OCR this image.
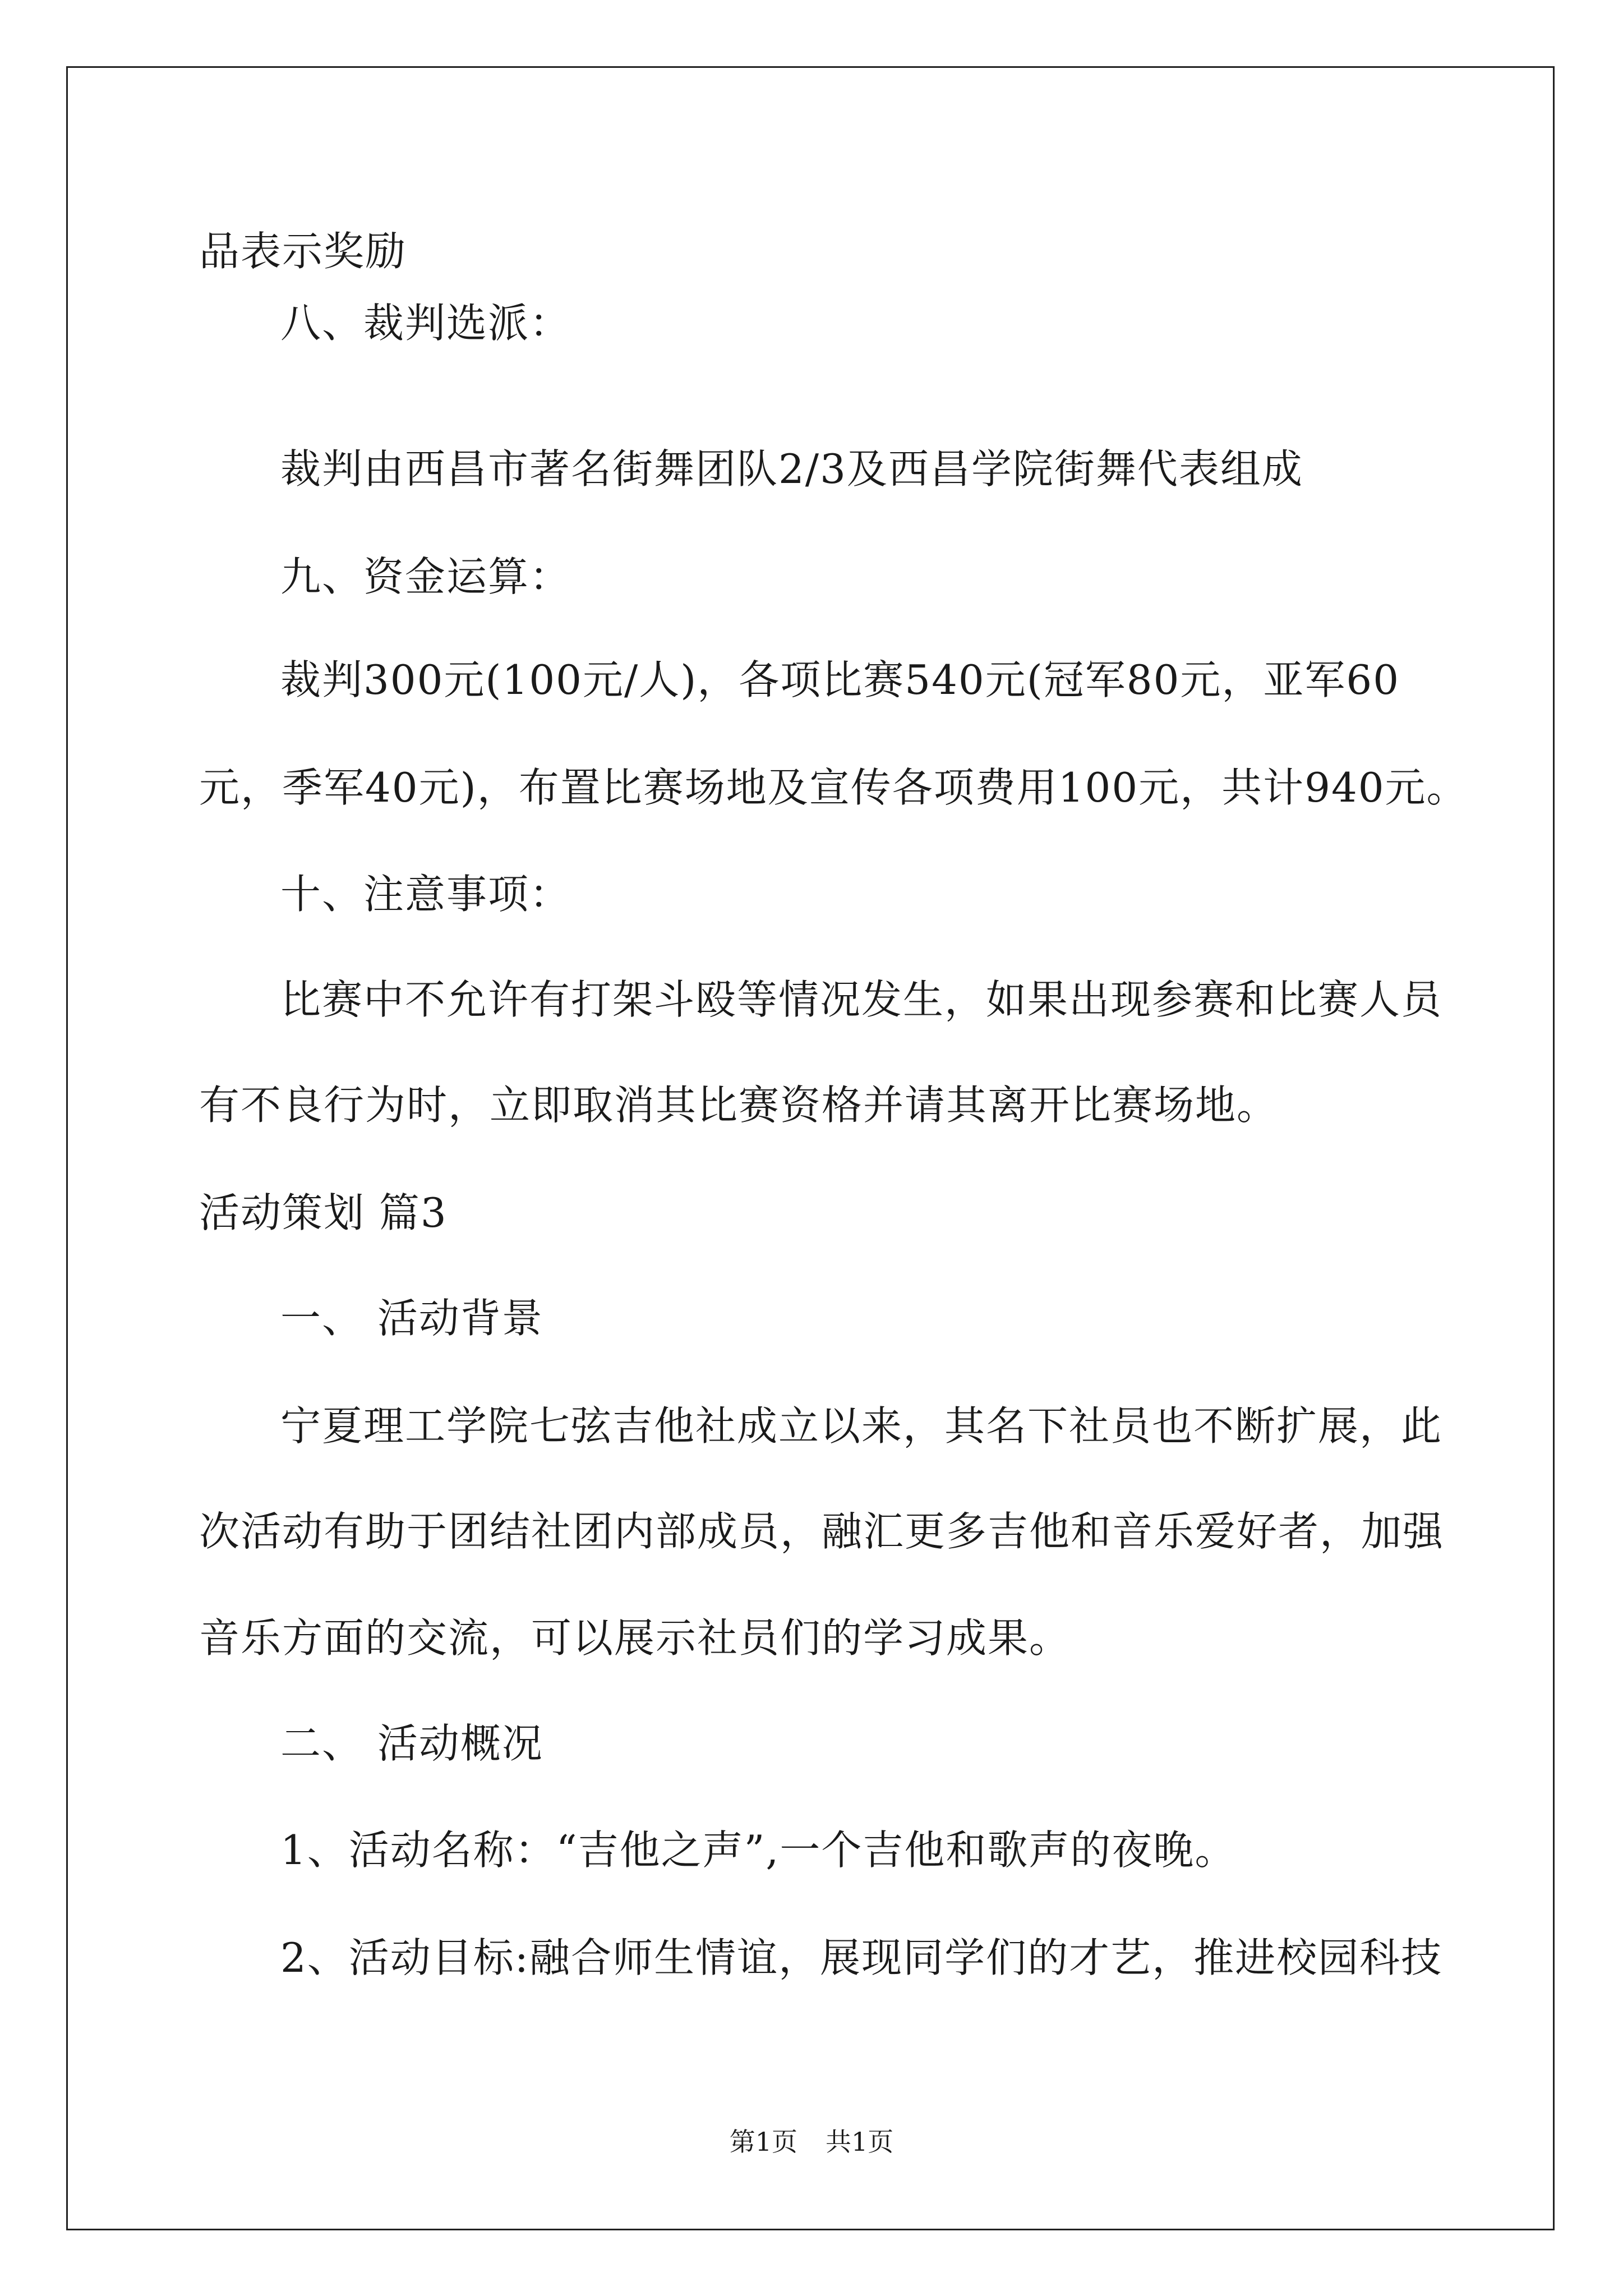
品表示奖励
八、裁判选派：
裁判由西昌市著名街舞团队2/3及西昌学院街舞代表组成
九、资金运算：
裁判300元(100元/人)，各项比赛540元(冠军80元，亚军60
元，季军40元)，布置比赛场地及宣传各项费用100元，共计940元。
十、注意事项：
比赛中不允许有打架斗殴等情况发生，如果出现参赛和比赛人员
有不良行为时，立即取消其比赛资格并请其离开比赛场地。
活动策划 篇3
一、 活动背景
宁夏理工学院七弦吉他社成立以来，其名下社员也不断扩展，此
次活动有助于团结社团内部成员，融汇更多吉他和音乐爱好者，加强
音乐方面的交流，可以展示社员们的学习成果。
二、 活动概况
1、活动名称：“吉他之声”,一个吉他和歌声的夜晚。
2、活动目标:融合师生情谊，展现同学们的才艺，推进校园科技
第1页 共1页
